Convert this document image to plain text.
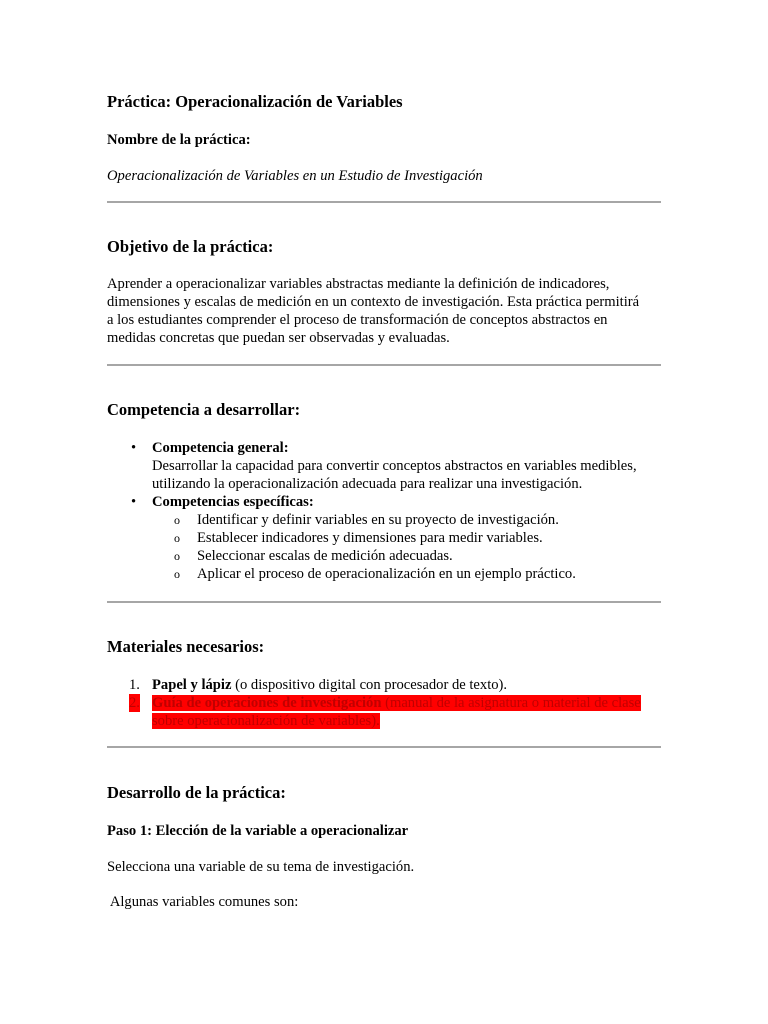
Práctica: Operacionalización de Variables

Nombre de la práctica:

Operacionalización de Variables en un Estudio de Investigación

Objetivo de la práctica:

Aprender a operacionalizar variables abstractas mediante la definición de indicadores,

dimensiones y escalas de medición en un contexto de investigación. Esta práctica permitirá

a los estudiantes comprender el proceso de transformación de conceptos abstractos en

medidas concretas que puedan ser observadas y evaluadas.

Competencia a desarrollar:
• Competencia general:
Desarrollar la capacidad para convertir conceptos abstractos en variables medibles,
utilizando la operacionalización adecuada para realizar una investigación.
• Competencias específicas:
o Identificar y definir variables en su proyecto de investigación.
o Establecer indicadores y dimensiones para medir variables.
o Seleccionar escalas de medición adecuadas.
o Aplicar el proceso de operacionalización en un ejemplo práctico.
Materiales necesarios:
1. Papel y lápiz (o dispositivo digital con procesador de texto).
2. Guía de operaciones de investigación (manual de la asignatura o material de clase
sobre operacionalización de variables).
Desarrollo de la práctica:

Paso 1: Elección de la variable a operacionalizar

Selecciona una variable de su tema de investigación.

Algunas variables comunes son:
